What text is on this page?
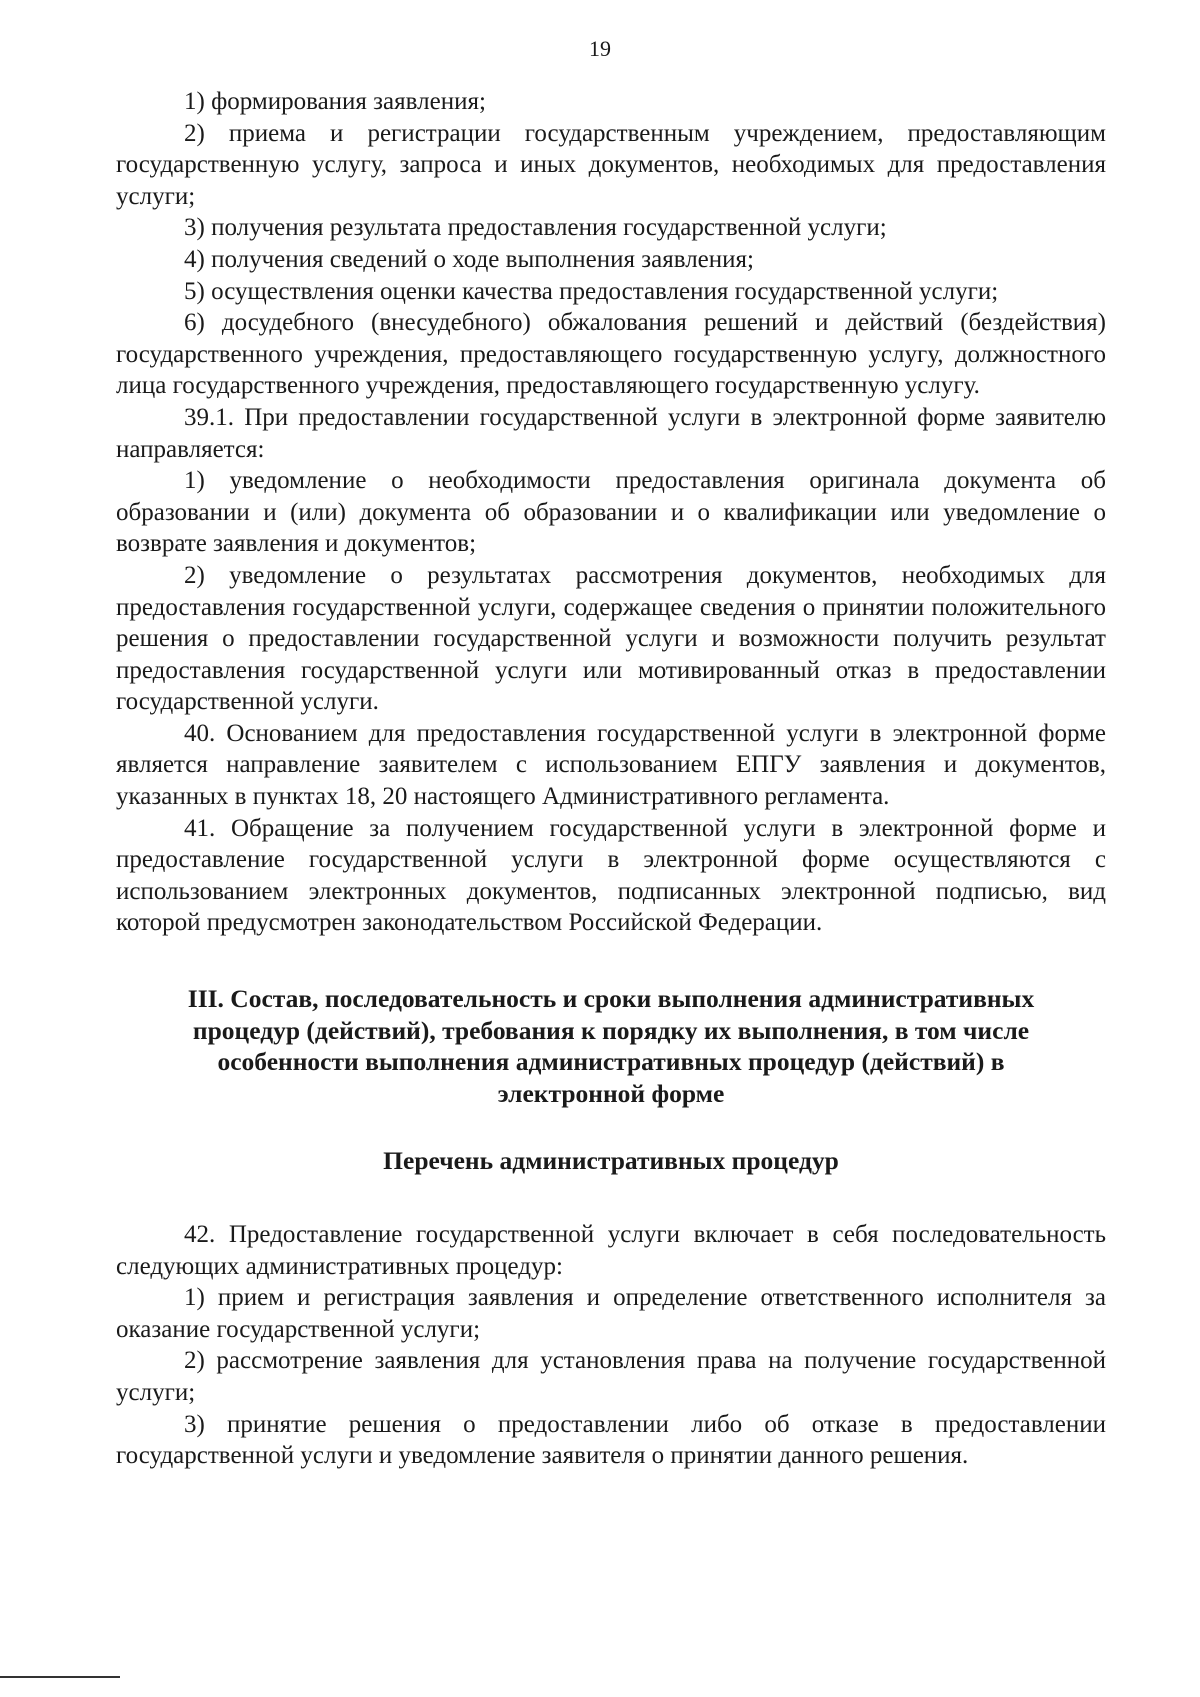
19

1) формирования заявления;

2) приема и регистрации государственным учреждением, предоставляющим государственную услугу, запроса и иных документов, необходимых для предоставления услуги;

3) получения результата предоставления государственной услуги;

4) получения сведений о ходе выполнения заявления;

5) осуществления оценки качества предоставления государственной услуги;

6) досудебного (внесудебного) обжалования решений и действий (бездействия) государственного учреждения, предоставляющего государственную услугу, должностного лица государственного учреждения, предоставляющего государственную услугу.

39.1. При предоставлении государственной услуги в электронной форме заявителю направляется:

1) уведомление о необходимости предоставления оригинала документа об образовании и (или) документа об образовании и о квалификации или уведомление о возврате заявления и документов;

2) уведомление о результатах рассмотрения документов, необходимых для предоставления государственной услуги, содержащее сведения о принятии положительного решения о предоставлении государственной услуги и возможности получить результат предоставления государственной услуги или мотивированный отказ в предоставлении государственной услуги.

40. Основанием для предоставления государственной услуги в электронной форме является направление заявителем с использованием ЕПГУ заявления и документов, указанных в пунктах 18, 20 настоящего Административного регламента.

41. Обращение за получением государственной услуги в электронной форме и предоставление государственной услуги в электронной форме осуществляются с использованием электронных документов, подписанных электронной подписью, вид которой предусмотрен законодательством Российской Федерации.

III. Состав, последовательность и сроки выполнения административных процедур (действий), требования к порядку их выполнения, в том числе особенности выполнения административных процедур (действий) в электронной форме
Перечень административных процедур

42. Предоставление государственной услуги включает в себя последовательность следующих административных процедур:

1) прием и регистрация заявления и определение ответственного исполнителя за оказание государственной услуги;

2) рассмотрение заявления для установления права на получение государственной услуги;

3) принятие решения о предоставлении либо об отказе в предоставлении государственной услуги и уведомление заявителя о принятии данного решения.
